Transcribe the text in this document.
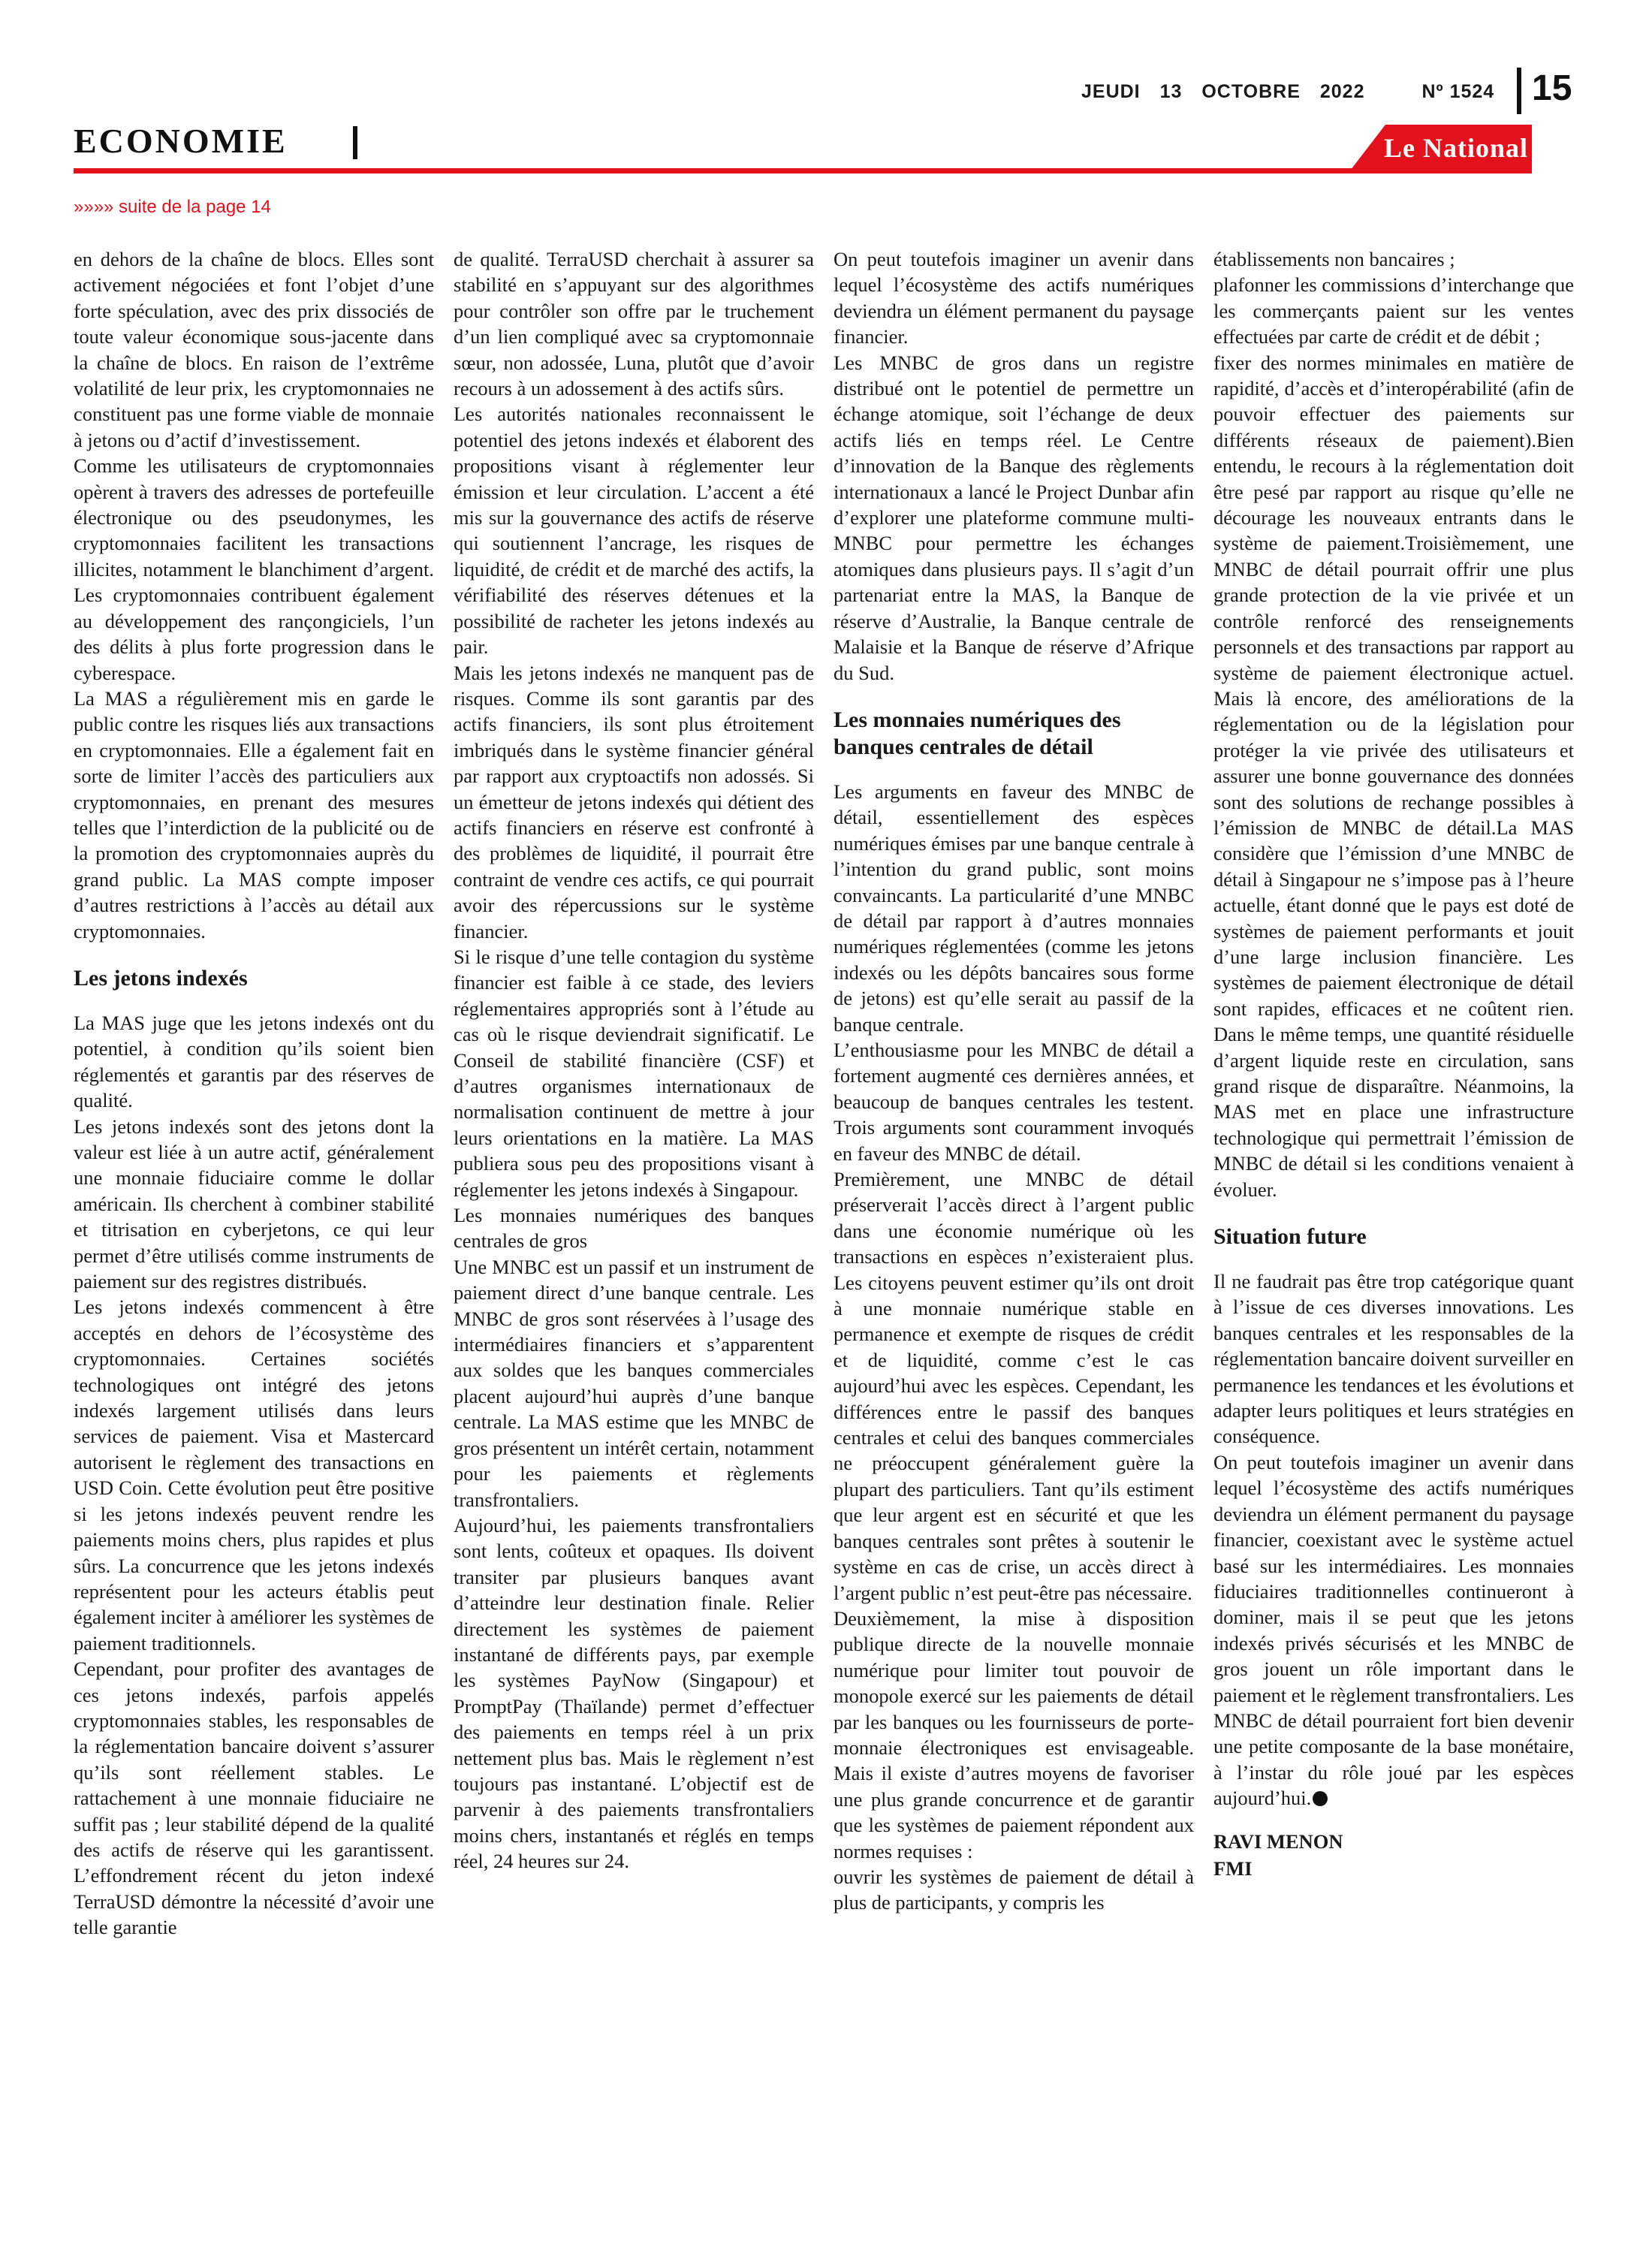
JEUDI 13 OCTOBRE 2022	Nº 1524	15
ECONOMIE	Le National
»»»» suite de la page 14

en dehors de la chaîne de blocs. Elles sont activement négociées et font l’objet d’une forte spéculation, avec des prix dissociés de toute valeur économique sous-jacente dans la chaîne de blocs. En raison de l’extrême volatilité de leur prix, les cryptomonnaies ne constituent pas une forme viable de monnaie à jetons ou d’actif d’investissement.

Comme les utilisateurs de cryptomonnaies opèrent à travers des adresses de portefeuille électronique ou des pseudonymes, les cryptomonnaies facilitent les transactions illicites, notamment le blanchiment d’argent. Les cryptomonnaies contribuent également au développement des rançongiciels, l’un des délits à plus forte progression dans le cyberespace.

La MAS a régulièrement mis en garde le public contre les risques liés aux transactions en cryptomonnaies. Elle a également fait en sorte de limiter l’accès des particuliers aux cryptomonnaies, en prenant des mesures telles que l’interdiction de la publicité ou de la promotion des cryptomonnaies auprès du grand public. La MAS compte imposer d’autres restrictions à l’accès au détail aux cryptomonnaies.

Les jetons indexés

La MAS juge que les jetons indexés ont du potentiel, à condition qu’ils soient bien réglementés et garantis par des réserves de qualité.

Les jetons indexés sont des jetons dont la valeur est liée à un autre actif, généralement une monnaie fiduciaire comme le dollar américain. Ils cherchent à combiner stabilité et titrisation en cyberjetons, ce qui leur permet d’être utilisés comme instruments de paiement sur des registres distribués.

Les jetons indexés commencent à être acceptés en dehors de l’écosystème des cryptomonnaies. Certaines sociétés technologiques ont intégré des jetons indexés largement utilisés dans leurs services de paiement. Visa et Mastercard autorisent le règlement des transactions en USD Coin. Cette évolution peut être positive si les jetons indexés peuvent rendre les paiements moins chers, plus rapides et plus sûrs. La concurrence que les jetons indexés représentent pour les acteurs établis peut également inciter à améliorer les systèmes de paiement traditionnels.

Cependant, pour profiter des avantages de ces jetons indexés, parfois appelés cryptomonnaies stables, les responsables de la réglementation bancaire doivent s’assurer qu’ils sont réellement stables. Le rattachement à une monnaie fiduciaire ne suffit pas ; leur stabilité dépend de la qualité des actifs de réserve qui les garantissent. L’effondrement récent du jeton indexé TerraUSD démontre la nécessité d’avoir une telle garantie

de qualité. TerraUSD cherchait à assurer sa stabilité en s’appuyant sur des algorithmes pour contrôler son offre par le truchement d’un lien compliqué avec sa cryptomonnaie sœur, non adossée, Luna, plutôt que d’avoir recours à un adossement à des actifs sûrs.

Les autorités nationales reconnaissent le potentiel des jetons indexés et élaborent des propositions visant à réglementer leur émission et leur circulation. L’accent a été mis sur la gouvernance des actifs de réserve qui soutiennent l’ancrage, les risques de liquidité, de crédit et de marché des actifs, la vérifiabilité des réserves détenues et la possibilité de racheter les jetons indexés au pair.

Mais les jetons indexés ne manquent pas de risques. Comme ils sont garantis par des actifs financiers, ils sont plus étroitement imbriqués dans le système financier général par rapport aux cryptoactifs non adossés. Si un émetteur de jetons indexés qui détient des actifs financiers en réserve est confronté à des problèmes de liquidité, il pourrait être contraint de vendre ces actifs, ce qui pourrait avoir des répercussions sur le système financier.

Si le risque d’une telle contagion du système financier est faible à ce stade, des leviers réglementaires appropriés sont à l’étude au cas où le risque deviendrait significatif. Le Conseil de stabilité financière (CSF) et d’autres organismes internationaux de normalisation continuent de mettre à jour leurs orientations en la matière. La MAS publiera sous peu des propositions visant à réglementer les jetons indexés à Singapour.

Les monnaies numériques des banques centrales de gros

Une MNBC est un passif et un instrument de paiement direct d’une banque centrale. Les MNBC de gros sont réservées à l’usage des intermédiaires financiers et s’apparentent aux soldes que les banques commerciales placent aujourd’hui auprès d’une banque centrale. La MAS estime que les MNBC de gros présentent un intérêt certain, notamment pour les paiements et règlements transfrontaliers.

Aujourd’hui, les paiements transfrontaliers sont lents, coûteux et opaques. Ils doivent transiter par plusieurs banques avant d’atteindre leur destination finale. Relier directement les systèmes de paiement instantané de différents pays, par exemple les systèmes PayNow (Singapour) et PromptPay (Thaïlande) permet d’effectuer des paiements en temps réel à un prix nettement plus bas. Mais le règlement n’est toujours pas instantané. L’objectif est de parvenir à des paiements transfrontaliers moins chers, instantanés et réglés en temps réel, 24 heures sur 24.

On peut toutefois imaginer un avenir dans lequel l’écosystème des actifs numériques deviendra un élément permanent du paysage financier.

Les MNBC de gros dans un registre distribué ont le potentiel de permettre un échange atomique, soit l’échange de deux actifs liés en temps réel. Le Centre d’innovation de la Banque des règlements internationaux a lancé le Project Dunbar afin d’explorer une plateforme commune multi-MNBC pour permettre les échanges atomiques dans plusieurs pays. Il s’agit d’un partenariat entre la MAS, la Banque de réserve d’Australie, la Banque centrale de Malaisie et la Banque de réserve d’Afrique du Sud.

Les monnaies numériques des banques centrales de détail

Les arguments en faveur des MNBC de détail, essentiellement des espèces numériques émises par une banque centrale à l’intention du grand public, sont moins convaincants. La particularité d’une MNBC de détail par rapport à d’autres monnaies numériques réglementées (comme les jetons indexés ou les dépôts bancaires sous forme de jetons) est qu’elle serait au passif de la banque centrale.

L’enthousiasme pour les MNBC de détail a fortement augmenté ces dernières années, et beaucoup de banques centrales les testent. Trois arguments sont couramment invoqués en faveur des MNBC de détail.

Premièrement, une MNBC de détail préserverait l’accès direct à l’argent public dans une économie numérique où les transactions en espèces n’existeraient plus. Les citoyens peuvent estimer qu’ils ont droit à une monnaie numérique stable en permanence et exempte de risques de crédit et de liquidité, comme c’est le cas aujourd’hui avec les espèces. Cependant, les différences entre le passif des banques centrales et celui des banques commerciales ne préoccupent généralement guère la plupart des particuliers. Tant qu’ils estiment que leur argent est en sécurité et que les banques centrales sont prêtes à soutenir le système en cas de crise, un accès direct à l’argent public n’est peut-être pas nécessaire.

Deuxièmement, la mise à disposition publique directe de la nouvelle monnaie numérique pour limiter tout pouvoir de monopole exercé sur les paiements de détail par les banques ou les fournisseurs de porte-monnaie électroniques est envisageable. Mais il existe d’autres moyens de favoriser une plus grande concurrence et de garantir que les systèmes de paiement répondent aux normes requises :

ouvrir les systèmes de paiement de détail à plus de participants, y compris les

établissements non bancaires ;

plafonner les commissions d’interchange que les commerçants paient sur les ventes effectuées par carte de crédit et de débit ;

fixer des normes minimales en matière de rapidité, d’accès et d’interopérabilité (afin de pouvoir effectuer des paiements sur différents réseaux de paiement).Bien entendu, le recours à la réglementation doit être pesé par rapport au risque qu’elle ne décourage les nouveaux entrants dans le système de paiement.Troisièmement, une MNBC de détail pourrait offrir une plus grande protection de la vie privée et un contrôle renforcé des renseignements personnels et des transactions par rapport au système de paiement électronique actuel. Mais là encore, des améliorations de la réglementation ou de la législation pour protéger la vie privée des utilisateurs et assurer une bonne gouvernance des données sont des solutions de rechange possibles à l’émission de MNBC de détail.La MAS considère que l’émission d’une MNBC de détail à Singapour ne s’impose pas à l’heure actuelle, étant donné que le pays est doté de systèmes de paiement performants et jouit d’une large inclusion financière. Les systèmes de paiement électronique de détail sont rapides, efficaces et ne coûtent rien. Dans le même temps, une quantité résiduelle d’argent liquide reste en circulation, sans grand risque de disparaître. Néanmoins, la MAS met en place une infrastructure technologique qui permettrait l’émission de MNBC de détail si les conditions venaient à évoluer.

Situation future

Il ne faudrait pas être trop catégorique quant à l’issue de ces diverses innovations. Les banques centrales et les responsables de la réglementation bancaire doivent surveiller en permanence les tendances et les évolutions et adapter leurs politiques et leurs stratégies en conséquence.

On peut toutefois imaginer un avenir dans lequel l’écosystème des actifs numériques deviendra un élément permanent du paysage financier, coexistant avec le système actuel basé sur les intermédiaires. Les monnaies fiduciaires traditionnelles continueront à dominer, mais il se peut que les jetons indexés privés sécurisés et les MNBC de gros jouent un rôle important dans le paiement et le règlement transfrontaliers. Les MNBC de détail pourraient fort bien devenir une petite composante de la base monétaire, à l’instar du rôle joué par les espèces aujourd’hui.

RAVI MENON
FMI
